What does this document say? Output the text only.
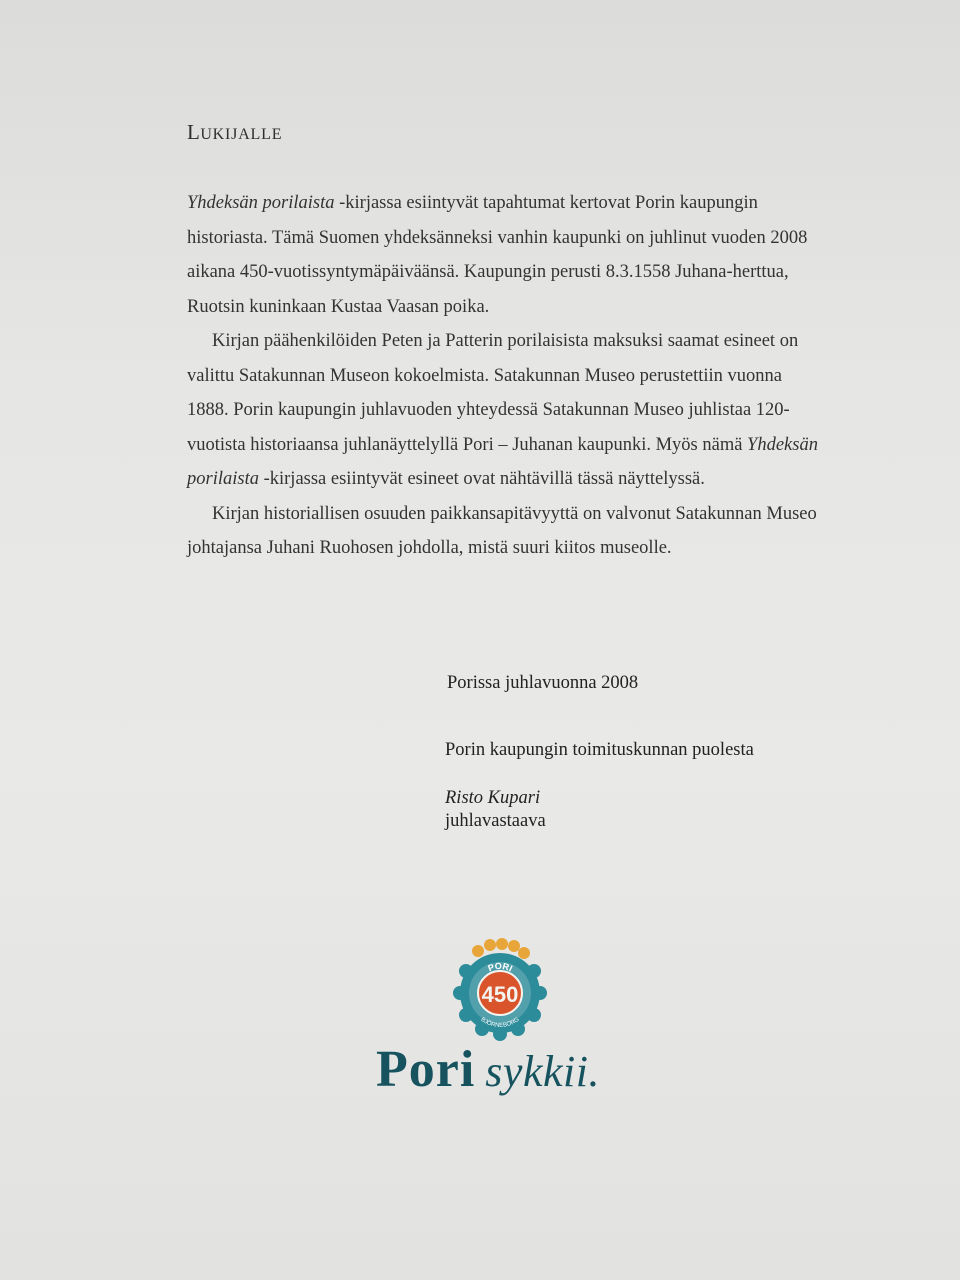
LUKIJALLE

Yhdeksän porilaista -kirjassa esiintyvät tapahtumat kertovat Porin kaupungin historiasta. Tämä Suomen yhdeksänneksi vanhin kaupunki on juhlinut vuoden 2008 aikana 450-vuotissyntymäpäiväänsä. Kaupungin perusti 8.3.1558 Juhana-herttua, Ruotsin kuninkaan Kustaa Vaasan poika.

Kirjan päähenkilöiden Peten ja Patterin porilaisista maksuksi saamat esineet on valittu Satakunnan Museon kokoelmista. Satakunnan Museo perustettiin vuonna 1888. Porin kaupungin juhlavuoden yhteydessä Satakunnan Museo juhlistaa 120-vuotista historiaansa juhlanäyttelyllä Pori – Juhanan kaupunki. Myös nämä Yhdeksän porilaista -kirjassa esiintyvät esineet ovat nähtävillä tässä näyttelyssä.

Kirjan historiallisen osuuden paikkansapitävyyttä on valvonut Satakunnan Museo johtajansa Juhani Ruohosen johdolla, mistä suuri kiitos museolle.

Porissa juhlavuonna 2008
Porin kaupungin toimituskunnan puolesta
Risto Kupari
juhlavastaava
450
PORI
BJÖRNEBORG
Pori sykkii.
